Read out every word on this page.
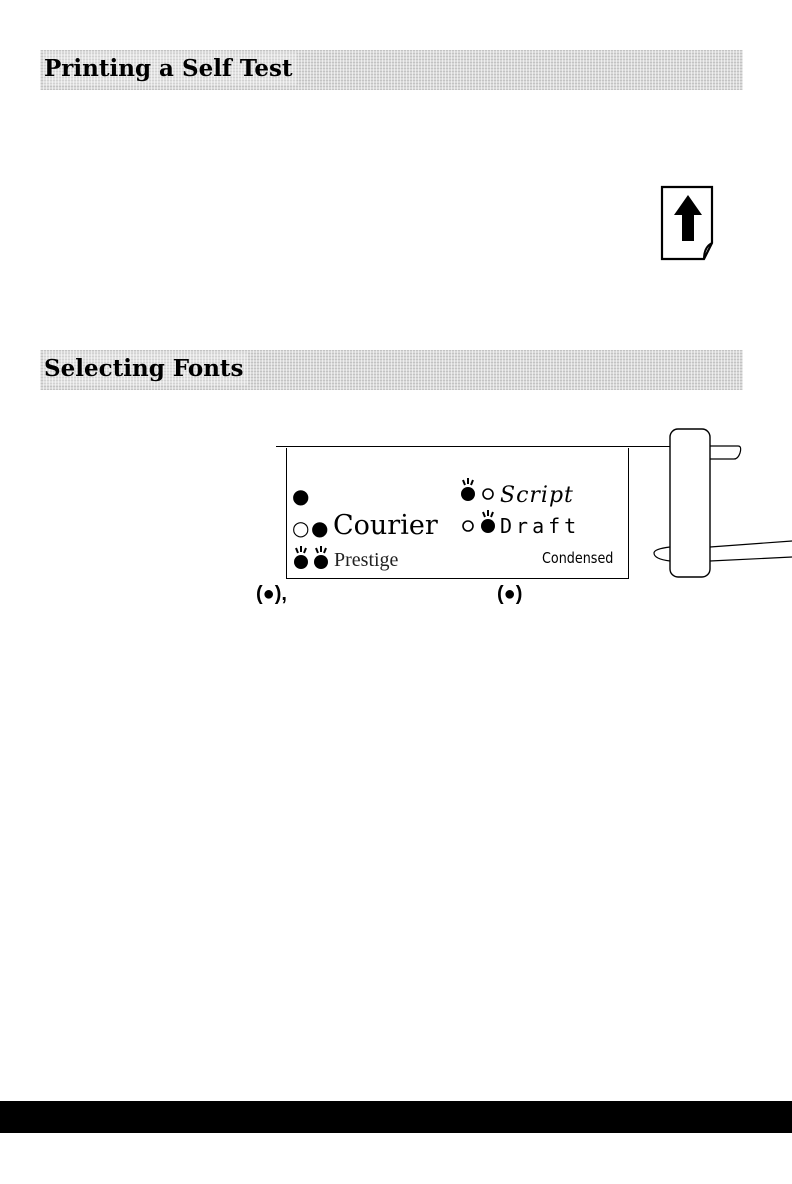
Printing a Self Test
Selecting Fonts
●
○ ● Courier
Prestige
Script
Draft
Condensed
(●),	(●)
